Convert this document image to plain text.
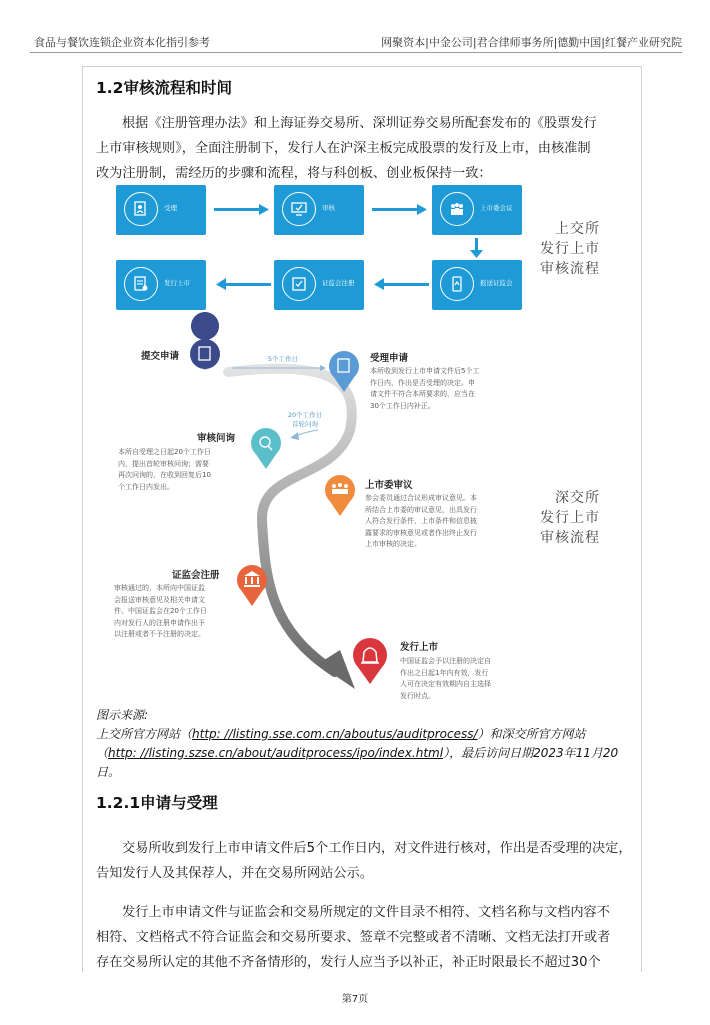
食品与餐饮连锁企业资本化指引参考	网聚资本|中金公司|君合律师事务所|德勤中国|红餐产业研究院
1.2审核流程和时间
根据《注册管理办法》和上海证券交易所、深圳证券交易所配套发布的《股票发行
上市审核规则》，全面注册制下，发行人在沪深主板完成股票的发行及上市，由核准制
改为注册制，需经历的步骤和流程，将与科创板、创业板保持一致：
受理	审核	上市委会议
报送证监会
证监会注册
发行上市
上交所
发行上市
审核流程
提交申请	5个工作日	受理申请
本所收到发行上市申请文件后5个工
作日内，作出是否受理的决定。申
请文件不符合本所要求的，应当在
30个工作日内补正。
20个工作日
首轮问询
审核问询
本所自受理之日起20个工作日
内，提出首轮审核问询；需要
再次问询的，在收到回复后10
个工作日内发出。	上市委审议
参会委员通过合议形成审议意见。本
所结合上市委的审议意见，出具发行
人符合发行条件、上市条件和信息披
露要求的审核意见或者作出终止发行
上市审核的决定。
证监会注册
审核通过的，本所向中国证监
会报送审核意见及相关申请文
件。中国证监会在20个工作日
内对发行人的注册申请作出予
以注册或者不予注册的决定。
发行上市
中国证监会予以注册的决定自
作出之日起1年内有效，发行
人可在决定有效期内自主选择
发行时点。
深交所
发行上市
审核流程
图示来源:
上交所官方网站（http: //listing.sse.com.cn/aboutus/auditprocess/）和深交所官方网站
（http: //listing.szse.cn/about/auditprocess/ipo/index.html），最后访问日期2023年11月20日。
1.2.1申请与受理
交易所收到发行上市申请文件后5个工作日内，对文件进行核对，作出是否受理的决定，
告知发行人及其保荐人，并在交易所网站公示。
发行上市申请文件与证监会和交易所规定的文件目录不相符、文档名称与文档内容不
相符、文档格式不符合证监会和交易所要求、签章不完整或者不清晰、文档无法打开或者
存在交易所认定的其他不齐备情形的，发行人应当予以补正，补正时限最长不超过30个
第7页
